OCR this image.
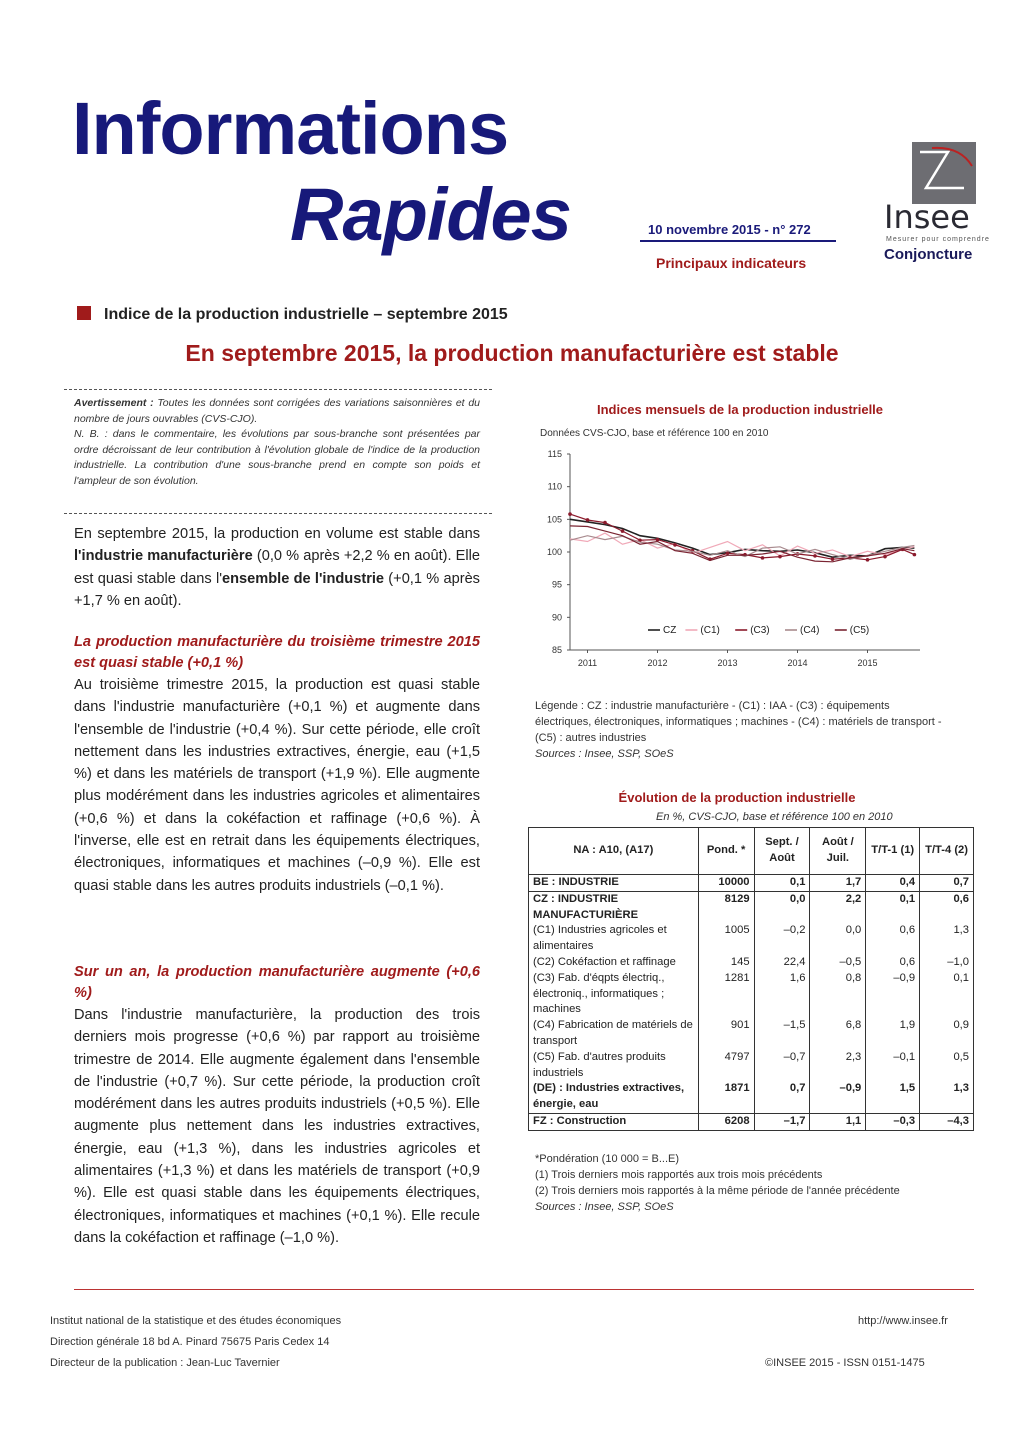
Informations
Rapides	10 novembre 2015 - n° 272
Principaux indicateurs
Insee
Mesurer pour comprendre
Conjoncture
Indice de la production industrielle – septembre 2015
En septembre 2015, la production manufacturière est stable
Avertissement : Toutes les données sont corrigées des variations saisonnières et du nombre de jours ouvrables (CVS-CJO).
N. B. : dans le commentaire, les évolutions par sous-branche sont présentées par ordre décroissant de leur contribution à l'évolution globale de l'indice de la production industrielle. La contribution d'une sous-branche prend en compte son poids et l'ampleur de son évolution.

En septembre 2015, la production en volume est stable dans l'industrie manufacturière (0,0 % après +2,2 % en août). Elle est quasi stable dans l'ensemble de l'industrie (+0,1 % après +1,7 % en août).

La production manufacturière du troisième trimestre 2015 est quasi stable (+0,1 %)

Au troisième trimestre 2015, la production est quasi stable dans l'industrie manufacturière (+0,1 %) et augmente dans l'ensemble de l'industrie (+0,4 %). Sur cette période, elle croît nettement dans les industries extractives, énergie, eau (+1,5 %) et dans les matériels de transport (+1,9 %). Elle augmente plus modérément dans les industries agricoles et alimentaires (+0,6 %) et dans la cokéfaction et raffinage (+0,6 %). À l'inverse, elle est en retrait dans les équipements électriques, électroniques, informatiques et machines (–0,9 %). Elle est quasi stable dans les autres produits industriels (–0,1 %).

Sur un an, la production manufacturière augmente (+0,6 %)

Dans l'industrie manufacturière, la production des trois derniers mois progresse (+0,6 %) par rapport au troisième trimestre de 2014. Elle augmente également dans l'ensemble de l'industrie (+0,7 %). Sur cette période, la production croît modérément dans les autres produits industriels (+0,5 %). Elle augmente plus nettement dans les industries extractives, énergie, eau (+1,3 %), dans les industries agricoles et alimentaires (+1,3 %) et dans les matériels de transport (+0,9 %). Elle est quasi stable dans les équipements électriques, électroniques, informatiques et machines (+0,1 %). Elle recule dans la cokéfaction et raffinage (–1,0 %).

Indices mensuels de la production industrielle
Données CVS-CJO, base et référence 100 en 2010
85
90
95
100
105
110
115
2011	2012	2013	2014	2015
CZ (C1)	(C3)	(C4)	(C5)
Légende : CZ : industrie manufacturière - (C1) : IAA - (C3) : équipements électriques, électroniques, informatiques ; machines - (C4) : matériels de transport - (C5) : autres industries
Sources : Insee, SSP, SOeS
Évolution de la production industrielle
En %, CVS-CJO, base et référence 100 en 2010
NA : A10, (A17)	Pond. *	Sept. / Août	Août / Juil.	T/T-1 (1)	T/T-4 (2)
BE : INDUSTRIE	10000	0,1	1,7	0,4	0,7
CZ : INDUSTRIE MANUFACTURIÈRE	8129	0,0	2,2	0,1	0,6
(C1) Industries agricoles et alimentaires	1005	–0,2	0,0	0,6	1,3
(C2) Cokéfaction et raffinage	145	22,4	–0,5	0,6	–1,0
(C3) Fab. d'éqpts électriq., électroniq., informatiques ; machines	1281	1,6	0,8	–0,9	0,1
(C4) Fabrication de matériels de transport	901	–1,5	6,8	1,9	0,9
(C5) Fab. d'autres produits industriels	4797	–0,7	2,3	–0,1	0,5
(DE) : Industries extractives, énergie, eau	1871	0,7	–0,9	1,5	1,3
FZ : Construction	6208	–1,7	1,1	–0,3	–4,3
*Pondération (10 000 = B...E)
(1) Trois derniers mois rapportés aux trois mois précédents
(2) Trois derniers mois rapportés à la même période de l'année précédente
Sources : Insee, SSP, SOeS
Institut national de la statistique et des études économiques
Direction générale 18 bd A. Pinard 75675 Paris Cedex 14
Directeur de la publication : Jean-Luc Tavernier
http://www.insee.fr
©INSEE 2015 - ISSN 0151-1475
